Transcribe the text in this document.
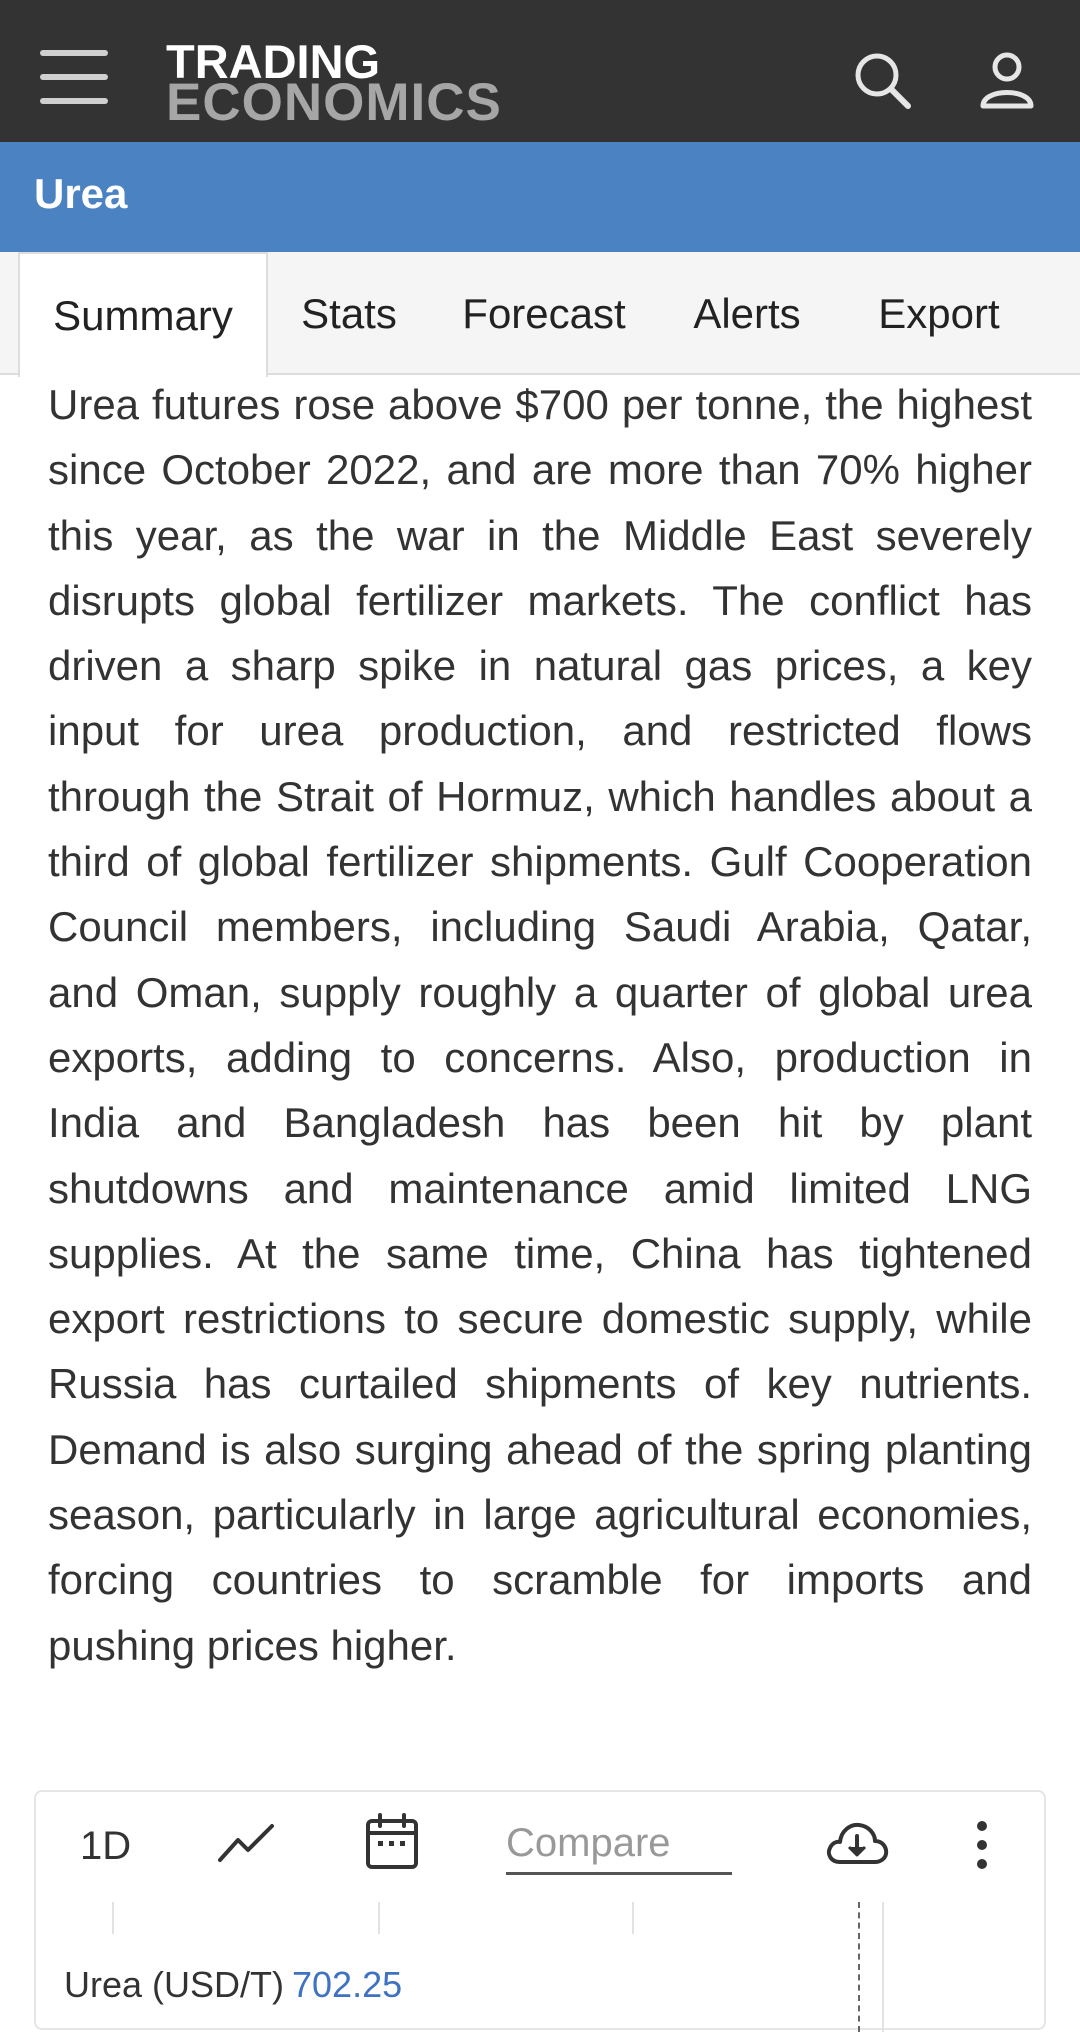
TRADING
ECONOMICS
Urea
Summary	Stats	Forecast	Alerts	Export
Urea futures rose above $700 per tonne, the highest since October 2022, and are more than 70% higher this year, as the war in the Middle East severely disrupts global fertilizer markets. The conflict has driven a sharp spike in natural gas prices, a key input for urea production, and restricted flows through the Strait of Hormuz, which handles about a third of global fertilizer shipments. Gulf Cooperation Council members, including Saudi Arabia, Qatar, and Oman, supply roughly a quarter of global urea exports, adding to concerns. Also, production in India and Bangladesh has been hit by plant shutdowns and maintenance amid limited LNG supplies. At the same time, China has tightened export restrictions to secure domestic supply, while Russia has curtailed shipments of key nutrients. Demand is also surging ahead of the spring planting season, particularly in large agricultural economies, forcing countries to scramble for imports and pushing prices higher.
1D
Compare
Urea (USD/T) 702.25
